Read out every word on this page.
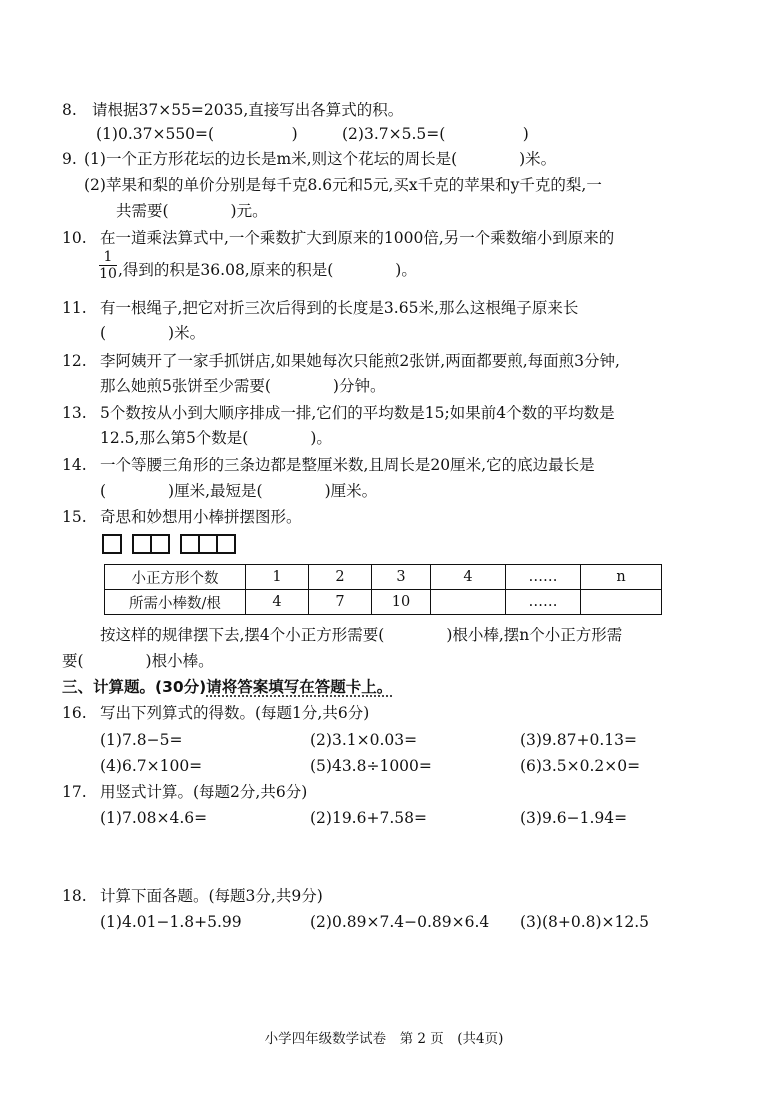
8. 请根据37×55=2035,直接写出各算式的积。
(1)0.37×550=(　　　　　)	(2)3.7×5.5=(　　　　　)
9. (1)一个正方形花坛的边长是m米,则这个花坛的周长是(　　　　)米。
(2)苹果和梨的单价分别是每千克8.6元和5元,买x千克的苹果和y千克的梨,一
共需要(　　　　)元。
10. 在一道乘法算式中,一个乘数扩大到原来的1000倍,另一个乘数缩小到原来的
$\frac{1}{10}$ ,得到的积是36.08,原来的积是(　　　　)。
11. 有一根绳子,把它对折三次后得到的长度是3.65米,那么这根绳子原来长
(　　　　)米。
12. 李阿姨开了一家手抓饼店,如果她每次只能煎2张饼,两面都要煎,每面煎3分钟,
那么她煎5张饼至少需要(　　　　)分钟。
13. 5个数按从小到大顺序排成一排,它们的平均数是15;如果前4个数的平均数是
12.5,那么第5个数是(　　　　)。
14. 一个等腰三角形的三条边都是整厘米数,且周长是20厘米,它的底边最长是
(　　　　)厘米,最短是(　　　　)厘米。
15. 奇思和妙想用小棒拼摆图形。
小正方形个数	1	2	3	4	……	n
所需小棒数/根	4	7	10		……	
按这样的规律摆下去,摆4个小正方形需要(　　　　)根小棒,摆n个小正方形需
要(　　　　)根小棒。
三、计算题。(30分)请将答案填写在答题卡上。
16. 写出下列算式的得数。(每题1分,共6分)
(1)7.8−5=	(2)3.1×0.03=	(3)9.87+0.13=
(4)6.7×100=	(5)43.8÷1000=	(6)3.5×0.2×0=
17. 用竖式计算。(每题2分,共6分)
(1)7.08×4.6=	(2)19.6+7.58=	(3)9.6−1.94=
18. 计算下面各题。(每题3分,共9分)
(1)4.01−1.8+5.99	(2)0.89×7.4−0.89×6.4 (3)(8+0.8)×12.5
小学四年级数学试卷　第 2 页　(共4页)
